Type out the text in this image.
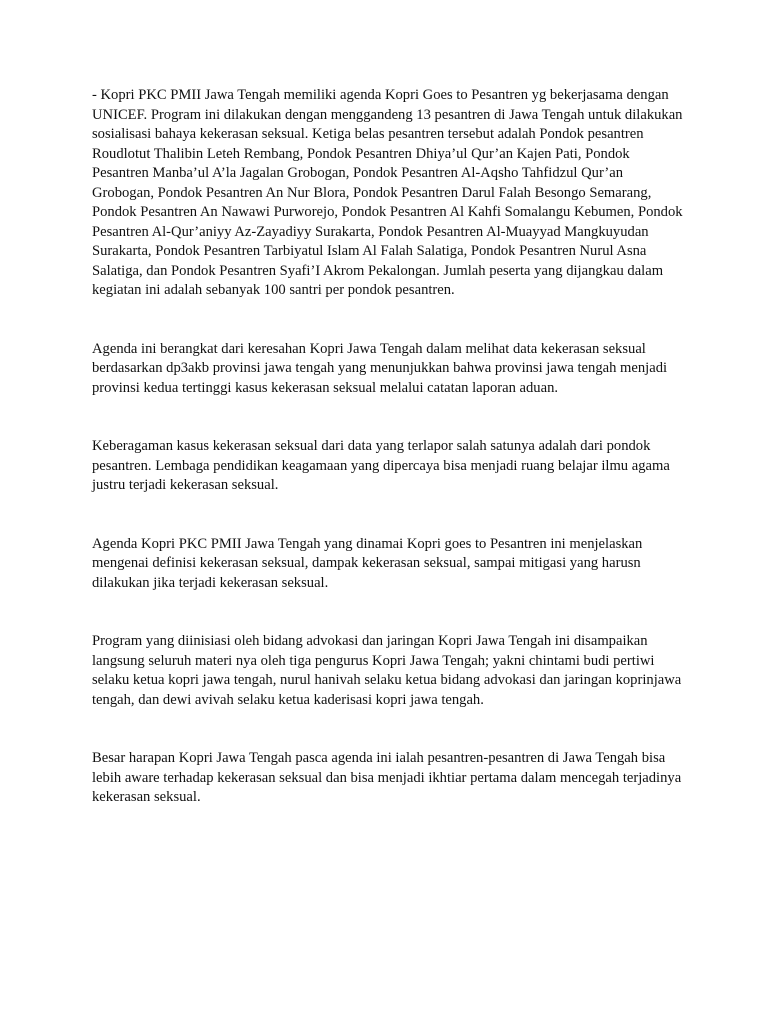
- Kopri PKC PMII Jawa Tengah memiliki agenda Kopri Goes to Pesantren yg bekerjasama dengan UNICEF. Program ini dilakukan dengan menggandeng 13 pesantren di Jawa Tengah untuk dilakukan sosialisasi bahaya kekerasan seksual. Ketiga belas pesantren tersebut adalah Pondok pesantren Roudlotut Thalibin Leteh Rembang, Pondok Pesantren Dhiya’ul Qur’an Kajen Pati, Pondok Pesantren Manba’ul A’la Jagalan Grobogan, Pondok Pesantren Al-Aqsho Tahfidzul Qur’an Grobogan, Pondok Pesantren An Nur Blora, Pondok Pesantren Darul Falah Besongo Semarang, Pondok Pesantren An Nawawi Purworejo, Pondok Pesantren Al Kahfi Somalangu Kebumen, Pondok Pesantren Al-Qur’aniyy Az-Zayadiyy Surakarta, Pondok Pesantren Al-Muayyad Mangkuyudan Surakarta, Pondok Pesantren Tarbiyatul Islam Al Falah Salatiga, Pondok Pesantren Nurul Asna Salatiga, dan Pondok Pesantren Syafi’I Akrom Pekalongan. Jumlah peserta yang dijangkau dalam kegiatan ini adalah sebanyak 100 santri per pondok pesantren.

Agenda ini berangkat dari keresahan Kopri Jawa Tengah dalam melihat data kekerasan seksual berdasarkan dp3akb provinsi jawa tengah yang menunjukkan bahwa provinsi jawa tengah menjadi provinsi kedua tertinggi kasus kekerasan seksual melalui catatan laporan aduan.

Keberagaman kasus kekerasan seksual dari data yang terlapor salah satunya adalah dari pondok pesantren. Lembaga pendidikan keagamaan yang dipercaya bisa menjadi ruang belajar ilmu agama justru terjadi kekerasan seksual.

Agenda Kopri PKC PMII Jawa Tengah yang dinamai Kopri goes to Pesantren ini menjelaskan mengenai definisi kekerasan seksual, dampak kekerasan seksual, sampai mitigasi yang harusn dilakukan jika terjadi kekerasan seksual.

Program yang diinisiasi oleh bidang advokasi dan jaringan Kopri Jawa Tengah ini disampaikan langsung seluruh materi nya oleh tiga pengurus Kopri Jawa Tengah; yakni chintami budi pertiwi selaku ketua kopri jawa tengah, nurul hanivah selaku ketua bidang advokasi dan jaringan koprinjawa tengah, dan dewi avivah selaku ketua kaderisasi kopri jawa tengah.

Besar harapan Kopri Jawa Tengah pasca agenda ini ialah pesantren-pesantren di Jawa Tengah bisa lebih aware terhadap kekerasan seksual dan bisa menjadi ikhtiar pertama dalam mencegah terjadinya kekerasan seksual.
